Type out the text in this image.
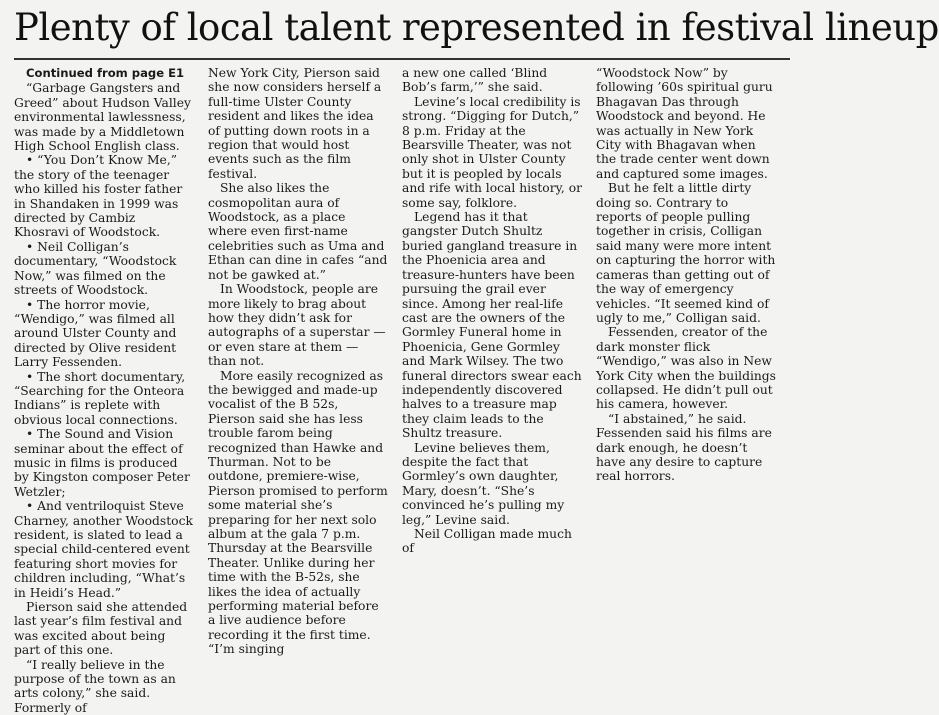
Plenty of local talent represented in festival lineup
Continued from page E1

“Garbage Gangsters and Greed” about Hudson Valley environmental lawlessness, was made by a Middletown High School English class.

• “You Don’t Know Me,” the story of the teenager who killed his foster father in Shandaken in 1999 was directed by Cambiz Khosravi of Woodstock.

• Neil Colligan’s documentary, “Woodstock Now,” was filmed on the streets of Woodstock.

• The horror movie, “Wendigo,” was filmed all around Ulster County and directed by Olive resident Larry Fessenden.

• The short documentary, “Searching for the Onteora Indians” is replete with obvious local connections.

• The Sound and Vision seminar about the effect of music in films is produced by Kingston composer Peter Wetzler;

• And ventriloquist Steve Charney, another Woodstock resident, is slated to lead a special child-centered event featuring short movies for children including, “What’s in Heidi’s Head.”

Pierson said she attended last year’s film festival and was excited about being part of this one.

“I really believe in the purpose of the town as an arts colony,” she said. Formerly of

New York City, Pierson said she now considers herself a full-time Ulster County resident and likes the idea of putting down roots in a region that would host events such as the film festival.

She also likes the cosmopolitan aura of Woodstock, as a place where even first-name celebrities such as Uma and Ethan can dine in cafes “and not be gawked at.”

In Woodstock, people are more likely to brag about how they didn’t ask for autographs of a superstar — or even stare at them — than not.

More easily recognized as the bewigged and made-up vocalist of the B 52s, Pierson said she has less trouble farom being recognized than Hawke and Thurman. Not to be outdone, premiere-wise, Pierson promised to perform some material she’s preparing for her next solo album at the gala 7 p.m. Thursday at the Bearsville Theater. Unlike during her time with the B-52s, she likes the idea of actually performing material before a live audience before recording it the first time. “I’m singing

a new one called ‘Blind Bob’s farm,’” she said.

Levine’s local credibility is strong. “Digging for Dutch,” 8 p.m. Friday at the Bearsville Theater, was not only shot in Ulster County but it is peopled by locals and rife with local history, or some say, folklore.

Legend has it that gangster Dutch Shultz buried gangland treasure in the Phoenicia area and treasure-hunters have been pursuing the grail ever since. Among her real-life cast are the owners of the Gormley Funeral home in Phoenicia, Gene Gormley and Mark Wilsey. The two funeral directors swear each independently discovered halves to a treasure map they claim leads to the Shultz treasure.

Levine believes them, despite the fact that Gormley’s own daughter, Mary, doesn’t. “She’s convinced he’s pulling my leg,” Levine said.

Neil Colligan made much of

“Woodstock Now” by following ’60s spiritual guru Bhagavan Das through Woodstock and beyond. He was actually in New York City with Bhagavan when the trade center went down and captured some images.

But he felt a little dirty doing so. Contrary to reports of people pulling together in crisis, Colligan said many were more intent on capturing the horror with cameras than getting out of the way of emergency vehicles. “It seemed kind of ugly to me,” Colligan said.

Fessenden, creator of the dark monster flick “Wendigo,” was also in New York City when the buildings collapsed. He didn’t pull out his camera, however.

“I abstained,” he said. Fessenden said his films are dark enough, he doesn’t have any desire to capture real horrors.
